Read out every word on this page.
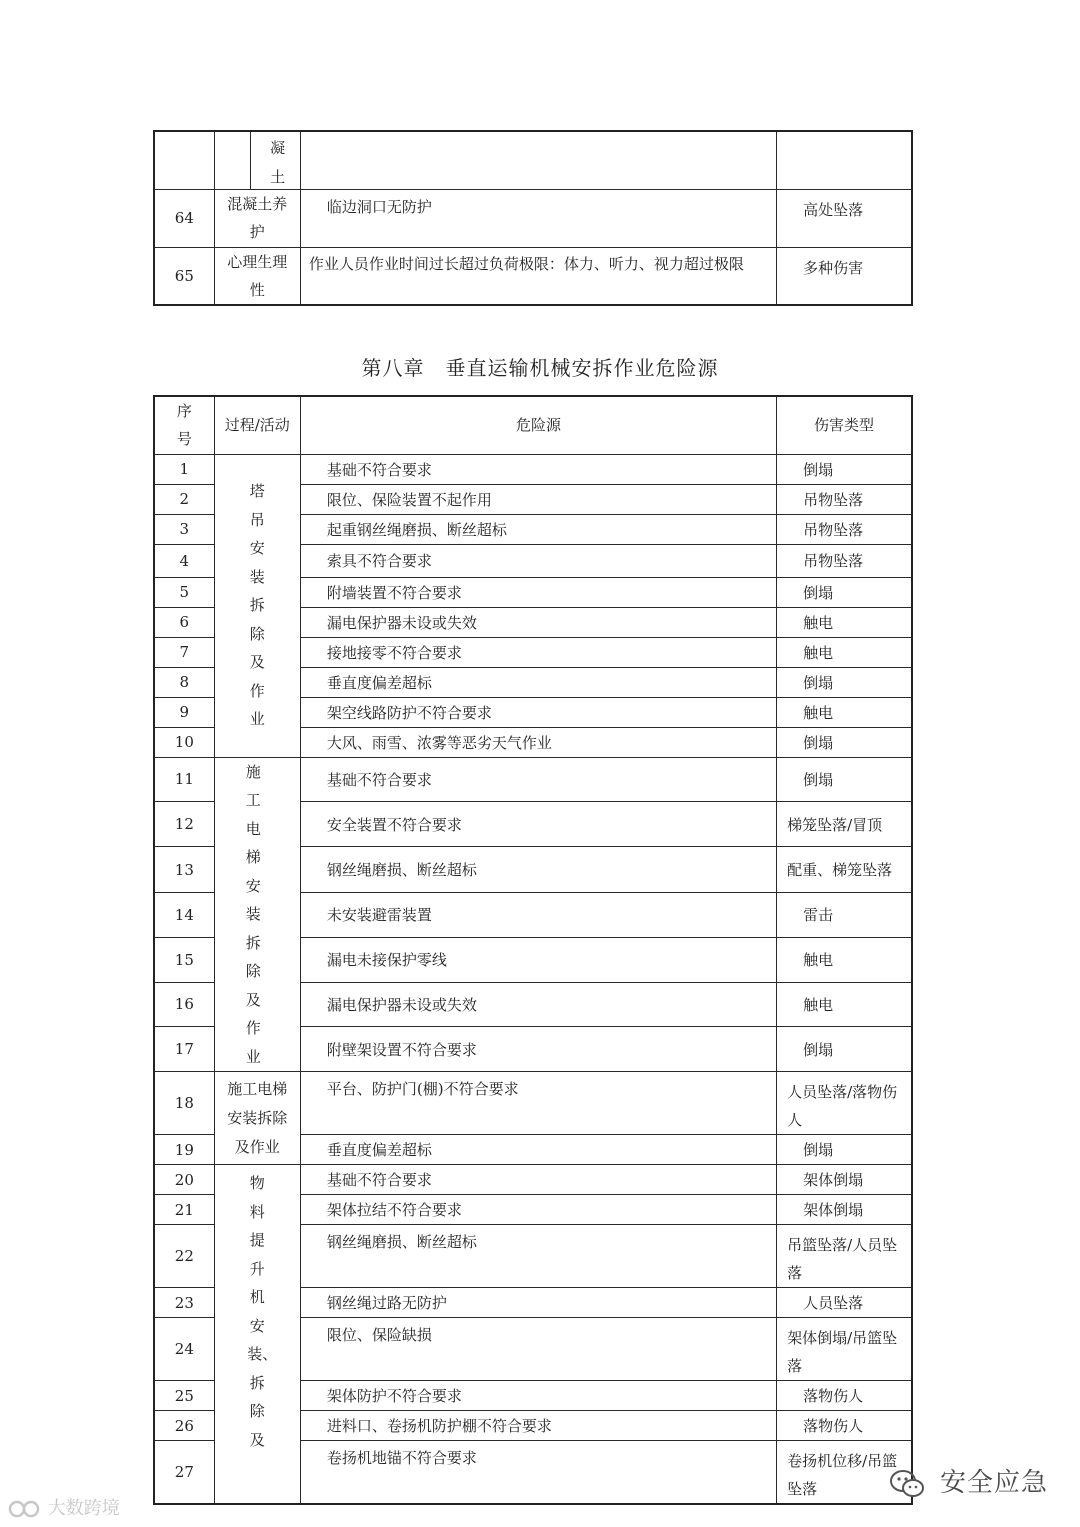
	凝 土		

64	混凝土养护	临边洞口无防护	高处坠落
65	心理生理性	作业人员作业时间过长超过负荷极限：体力、听力、视力超过极限	多种伤害
第八章　垂直运输机械安拆作业危险源
序号	过程/活动	危险源	伤害类型
1	塔吊安装拆除及作业	基础不符合要求	倒塌
2		限位、保险装置不起作用	吊物坠落
3		起重钢丝绳磨损、断丝超标	吊物坠落
4		索具不符合要求	吊物坠落
5		附墙装置不符合要求	倒塌
6		漏电保护器未设或失效	触电
7		接地接零不符合要求	触电
8		垂直度偏差超标	倒塌
9		架空线路防护不符合要求	触电
10		大风、雨雪、浓雾等恶劣天气作业	倒塌
11	施工电梯安装拆除及作业	基础不符合要求	倒塌
12		安全装置不符合要求	梯笼坠落/冒顶
13		钢丝绳磨损、断丝超标	配重、梯笼坠落
14		未安装避雷装置	雷击
15		漏电未接保护零线	触电
16		漏电保护器未设或失效	触电
17		附壁架设置不符合要求	倒塌
18	施工电梯安装拆除及作业	平台、防护门(棚)不符合要求	人员坠落/落物伤人
19		垂直度偏差超标	倒塌
20	物料提升机安装、拆除及	基础不符合要求	架体倒塌
21		架体拉结不符合要求	架体倒塌
22		钢丝绳磨损、断丝超标	吊篮坠落/人员坠落
23		钢丝绳过路无防护	人员坠落
24		限位、保险缺损	架体倒塌/吊篮坠落
25		架体防护不符合要求	落物伤人
26		进料口、卷扬机防护棚不符合要求	落物伤人
27		卷扬机地锚不符合要求	卷扬机位移/吊篮坠落
大数跨境
安全应急
